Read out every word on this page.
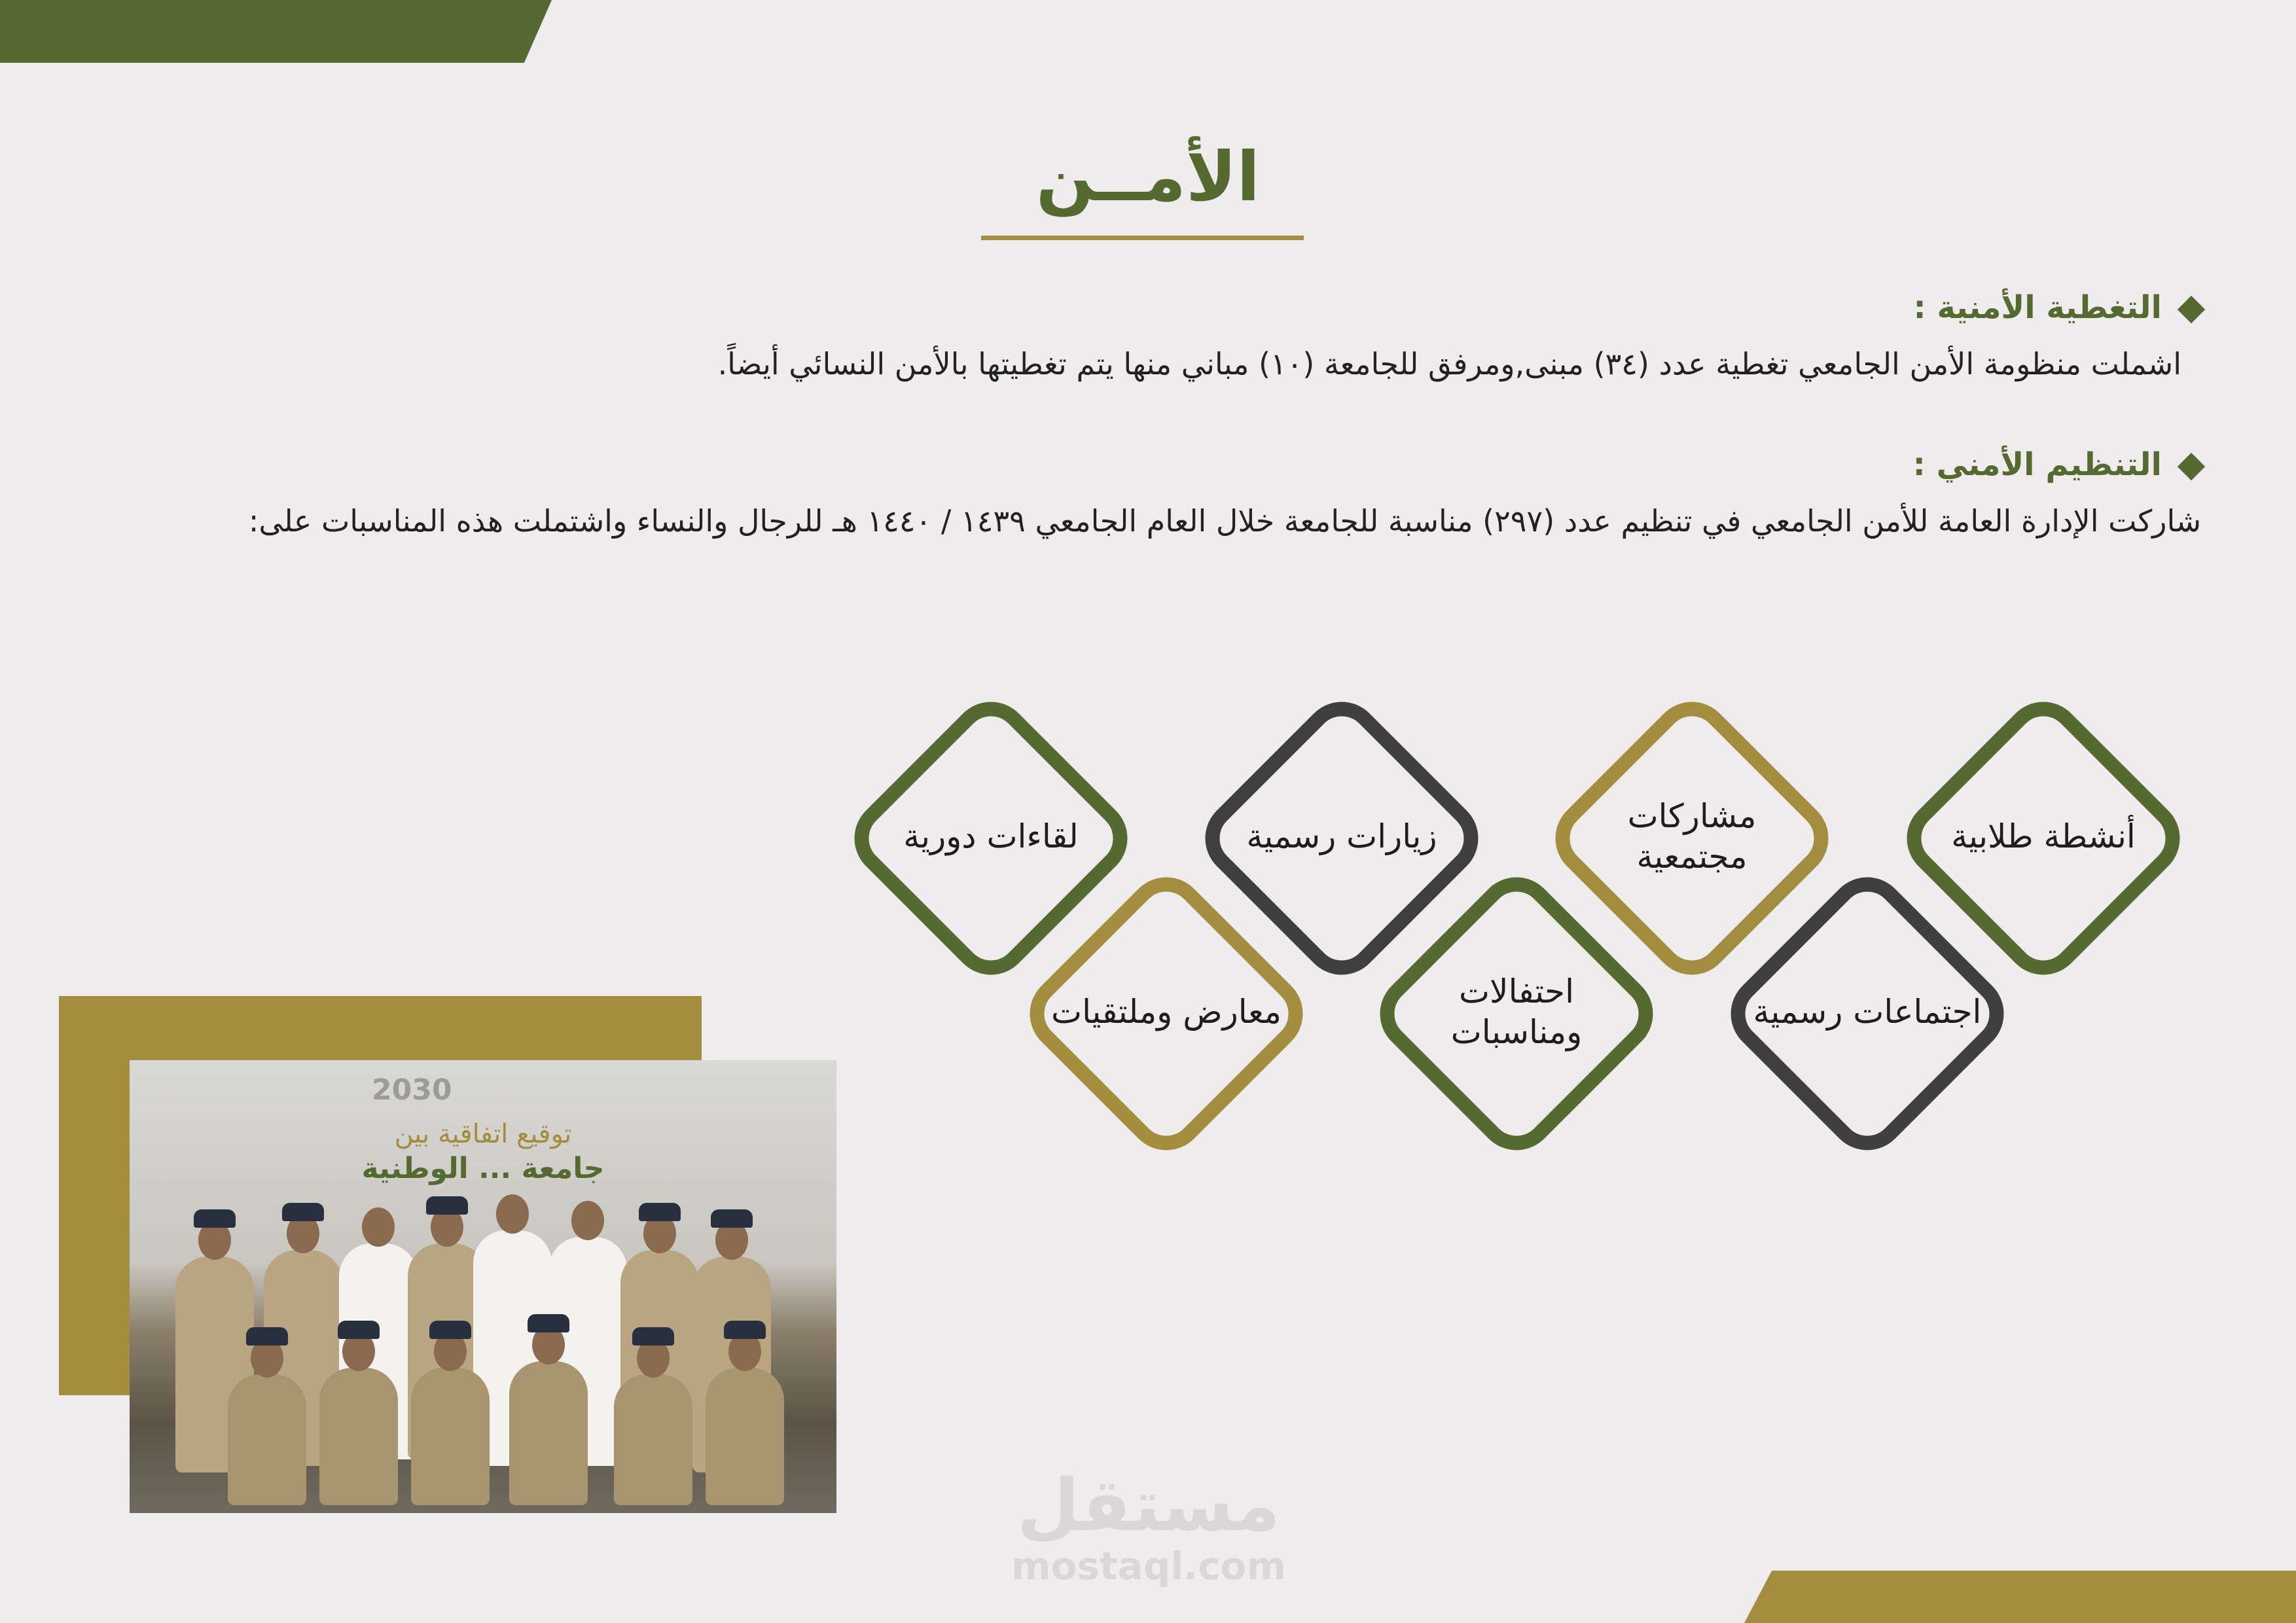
الأمــن
التغطية الأمنية :
اشملت منظومة الأمن الجامعي تغطية عدد (٣٤) مبنى,ومرفق للجامعة (١٠) مباني منها يتم تغطيتها بالأمن النسائي أيضاً.
التنظيم الأمني :
شاركت الإدارة العامة للأمن الجامعي في تنظيم عدد (٢٩٧) مناسبة للجامعة خلال العام الجامعي ١٤٣٩ / ١٤٤٠ هـ للرجال والنساء واشتملت هذه المناسبات على:
أنشطة طلابية
مشاركات مجتمعية
زيارات رسمية
لقاءات دورية
اجتماعات رسمية
احتفالات ومناسبات
معارض وملتقيات
2030
توقيع اتفاقية بين
جامعة ... الوطنية
مستقل
mostaql.com
